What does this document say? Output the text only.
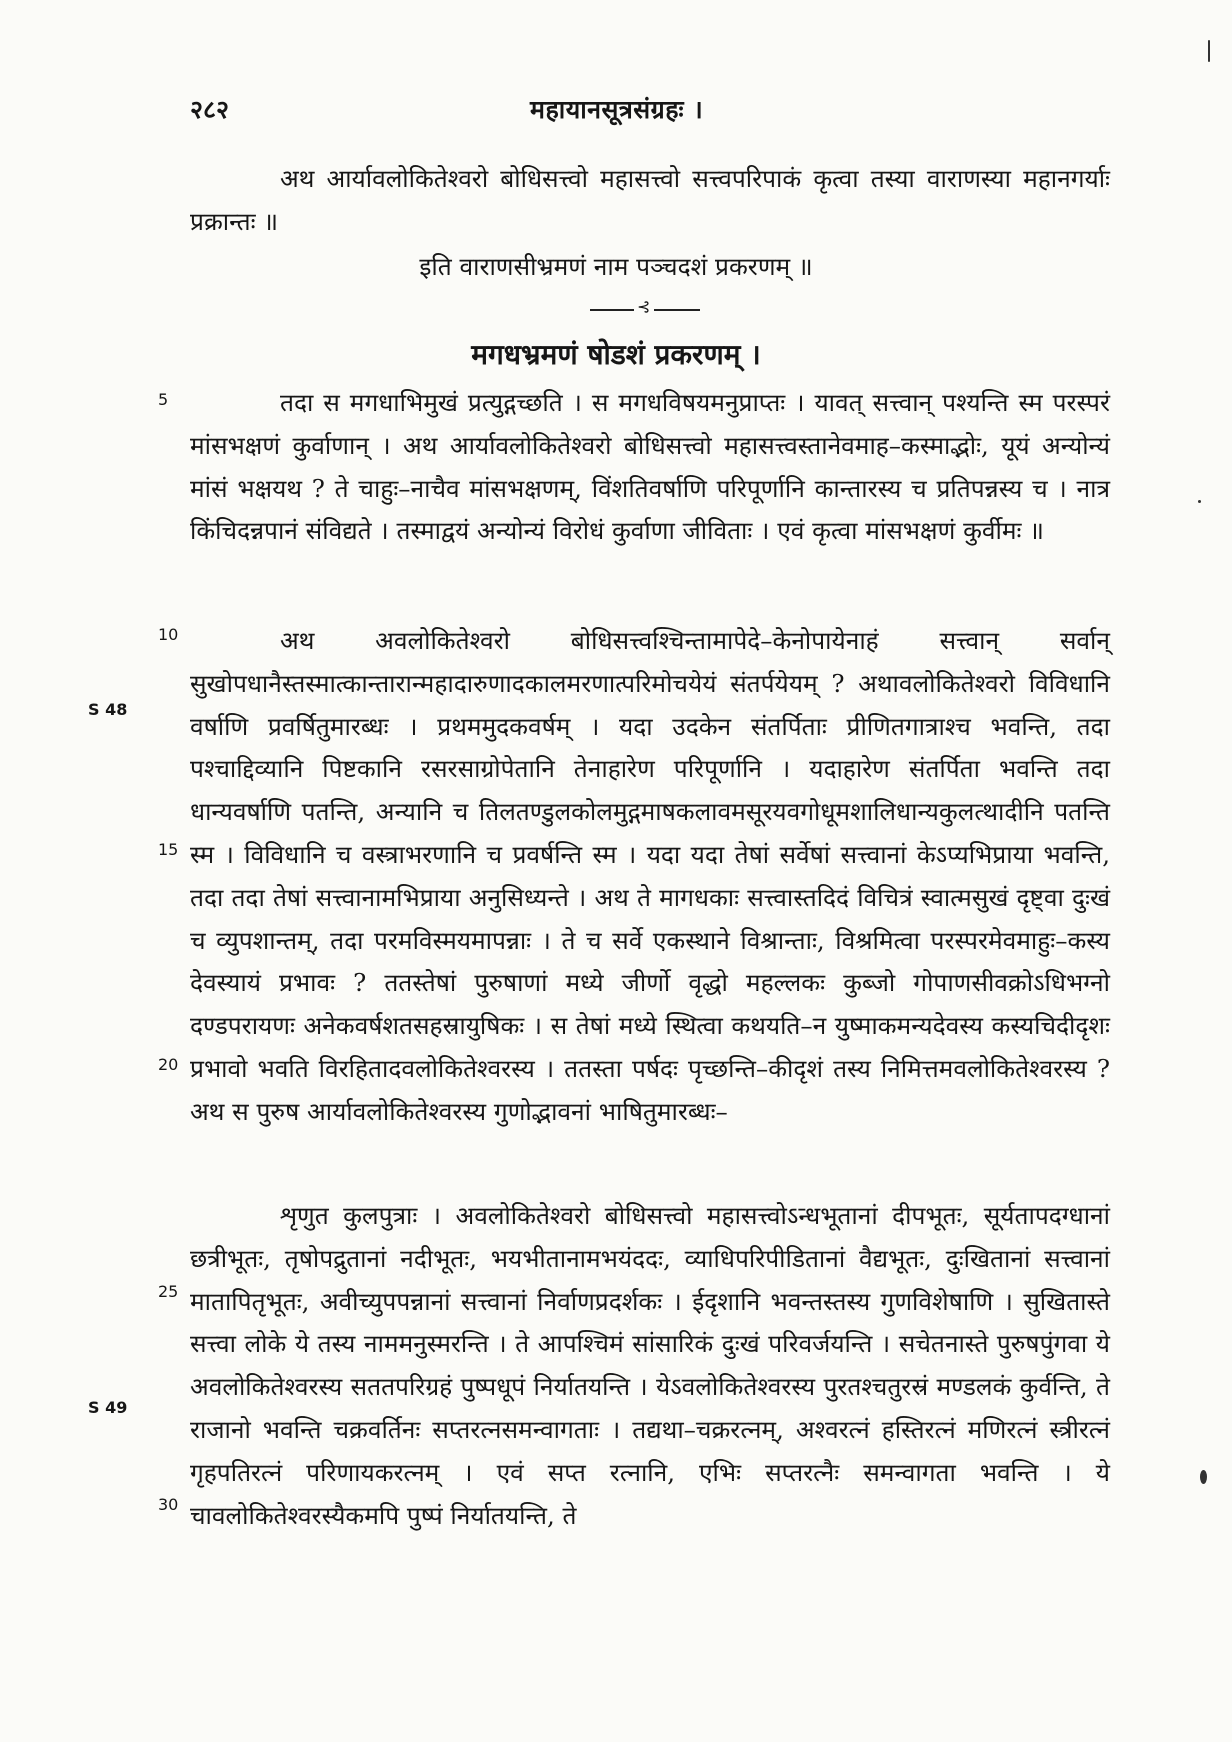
२८२	महायानसूत्रसंग्रहः ।

अथ आर्यावलोकितेश्वरो बोधिसत्त्वो महासत्त्वो सत्त्वपरिपाकं कृत्वा तस्या वाराणस्या महानगर्याः प्रक्रान्तः ॥

इति वाराणसीभ्रमणं नाम पञ्चदशं प्रकरणम् ॥

⊰
मगधभ्रमणं षोडशं प्रकरणम् ।

तदा स मगधाभिमुखं प्रत्युद्गच्छति । स मगधविषयमनुप्राप्तः । यावत् सत्त्वान् पश्यन्ति स्म परस्परं मांसभक्षणं कुर्वाणान् । अथ आर्यावलोकितेश्वरो बोधिसत्त्वो महासत्त्वस्तानेवमाह–कस्माद्भोः, यूयं अन्योन्यं मांसं भक्षयथ ? ते चाहुः–नाचैव मांसभक्षणम्, विंशतिवर्षाणि परिपूर्णानि कान्तारस्य च प्रतिपन्नस्य च । नात्र किंचिदन्नपानं संविद्यते । तस्माद्वयं अन्योन्यं विरोधं कुर्वाणा जीविताः । एवं कृत्वा मांसभक्षणं कुर्वीमः ॥

अथ अवलोकितेश्वरो बोधिसत्त्वश्चिन्तामापेदे–केनोपायेनाहं सत्त्वान् सर्वान् सुखोपधानैस्तस्मात्कान्तारान्महादारुणादकालमरणात्परिमोचयेयं संतर्पयेयम् ? अथावलोकितेश्वरो विविधानि वर्षाणि प्रवर्षितुमारब्धः । प्रथममुदकवर्षम् । यदा उदकेन संतर्पिताः प्रीणितगात्राश्च भवन्ति, तदा पश्चाद्दिव्यानि पिष्टकानि रसरसाग्रोपेतानि तेनाहारेण परिपूर्णानि । यदाहारेण संतर्पिता भवन्ति तदा धान्यवर्षाणि पतन्ति, अन्यानि च तिलतण्डुलकोलमुद्गमाषकलावमसूरयवगोधूमशालिधान्यकुलत्थादीनि पतन्ति स्म । विविधानि च वस्त्राभरणानि च प्रवर्षन्ति स्म । यदा यदा तेषां सर्वेषां सत्त्वानां केऽप्यभिप्राया भवन्ति, तदा तदा तेषां सत्त्वानामभिप्राया अनुसिध्यन्ते । अथ ते मागधकाः सत्त्वास्तदिदं विचित्रं स्वात्मसुखं दृष्ट्वा दुःखं च व्युपशान्तम्, तदा परमविस्मयमापन्नाः । ते च सर्वे एकस्थाने विश्रान्ताः, विश्रमित्वा परस्परमेवमाहुः–कस्य देवस्यायं प्रभावः ? ततस्तेषां पुरुषाणां मध्ये जीर्णो वृद्धो महल्लकः कुब्जो गोपाणसीवक्रोऽधिभग्नो दण्डपरायणः अनेकवर्षशतसहस्रायुषिकः । स तेषां मध्ये स्थित्वा कथयति–न युष्माकमन्यदेवस्य कस्यचिदीदृशः प्रभावो भवति विरहितादवलोकितेश्वरस्य । ततस्ता पर्षदः पृच्छन्ति–कीदृशं तस्य निमित्तमवलोकितेश्वरस्य ? अथ स पुरुष आर्यावलोकितेश्वरस्य गुणोद्भावनां भाषितुमारब्धः–

शृणुत कुलपुत्राः । अवलोकितेश्वरो बोधिसत्त्वो महासत्त्वोऽन्धभूतानां दीपभूतः, सूर्यतापदग्धानां छत्रीभूतः, तृषोपद्रुतानां नदीभूतः, भयभीतानामभयंददः, व्याधिपरिपीडितानां वैद्यभूतः, दुःखितानां सत्त्वानां मातापितृभूतः, अवीच्युपपन्नानां सत्त्वानां निर्वाणप्रदर्शकः । ईदृशानि भवन्तस्तस्य गुणविशेषाणि । सुखितास्ते सत्त्वा लोके ये तस्य नाममनुस्मरन्ति । ते आपश्चिमं सांसारिकं दुःखं परिवर्जयन्ति । सचेतनास्ते पुरुषपुंगवा ये अवलोकितेश्वरस्य सततपरिग्रहं पुष्पधूपं निर्यातयन्ति । येऽवलोकितेश्वरस्य पुरतश्चतुरस्रं मण्डलकं कुर्वन्ति, ते राजानो भवन्ति चक्रवर्तिनः सप्तरत्नसमन्वागताः । तद्यथा–चक्ररत्नम्, अश्वरत्नं हस्तिरत्नं मणिरत्नं स्त्रीरत्नं गृहपतिरत्नं परिणायकरत्नम् । एवं सप्त रत्नानि, एभिः सप्तरत्नैः समन्वागता भवन्ति । ये चावलोकितेश्वरस्यैकमपि पुष्पं निर्यातयन्ति, ते

5
10
15
20
25
30
S 48
S 49
